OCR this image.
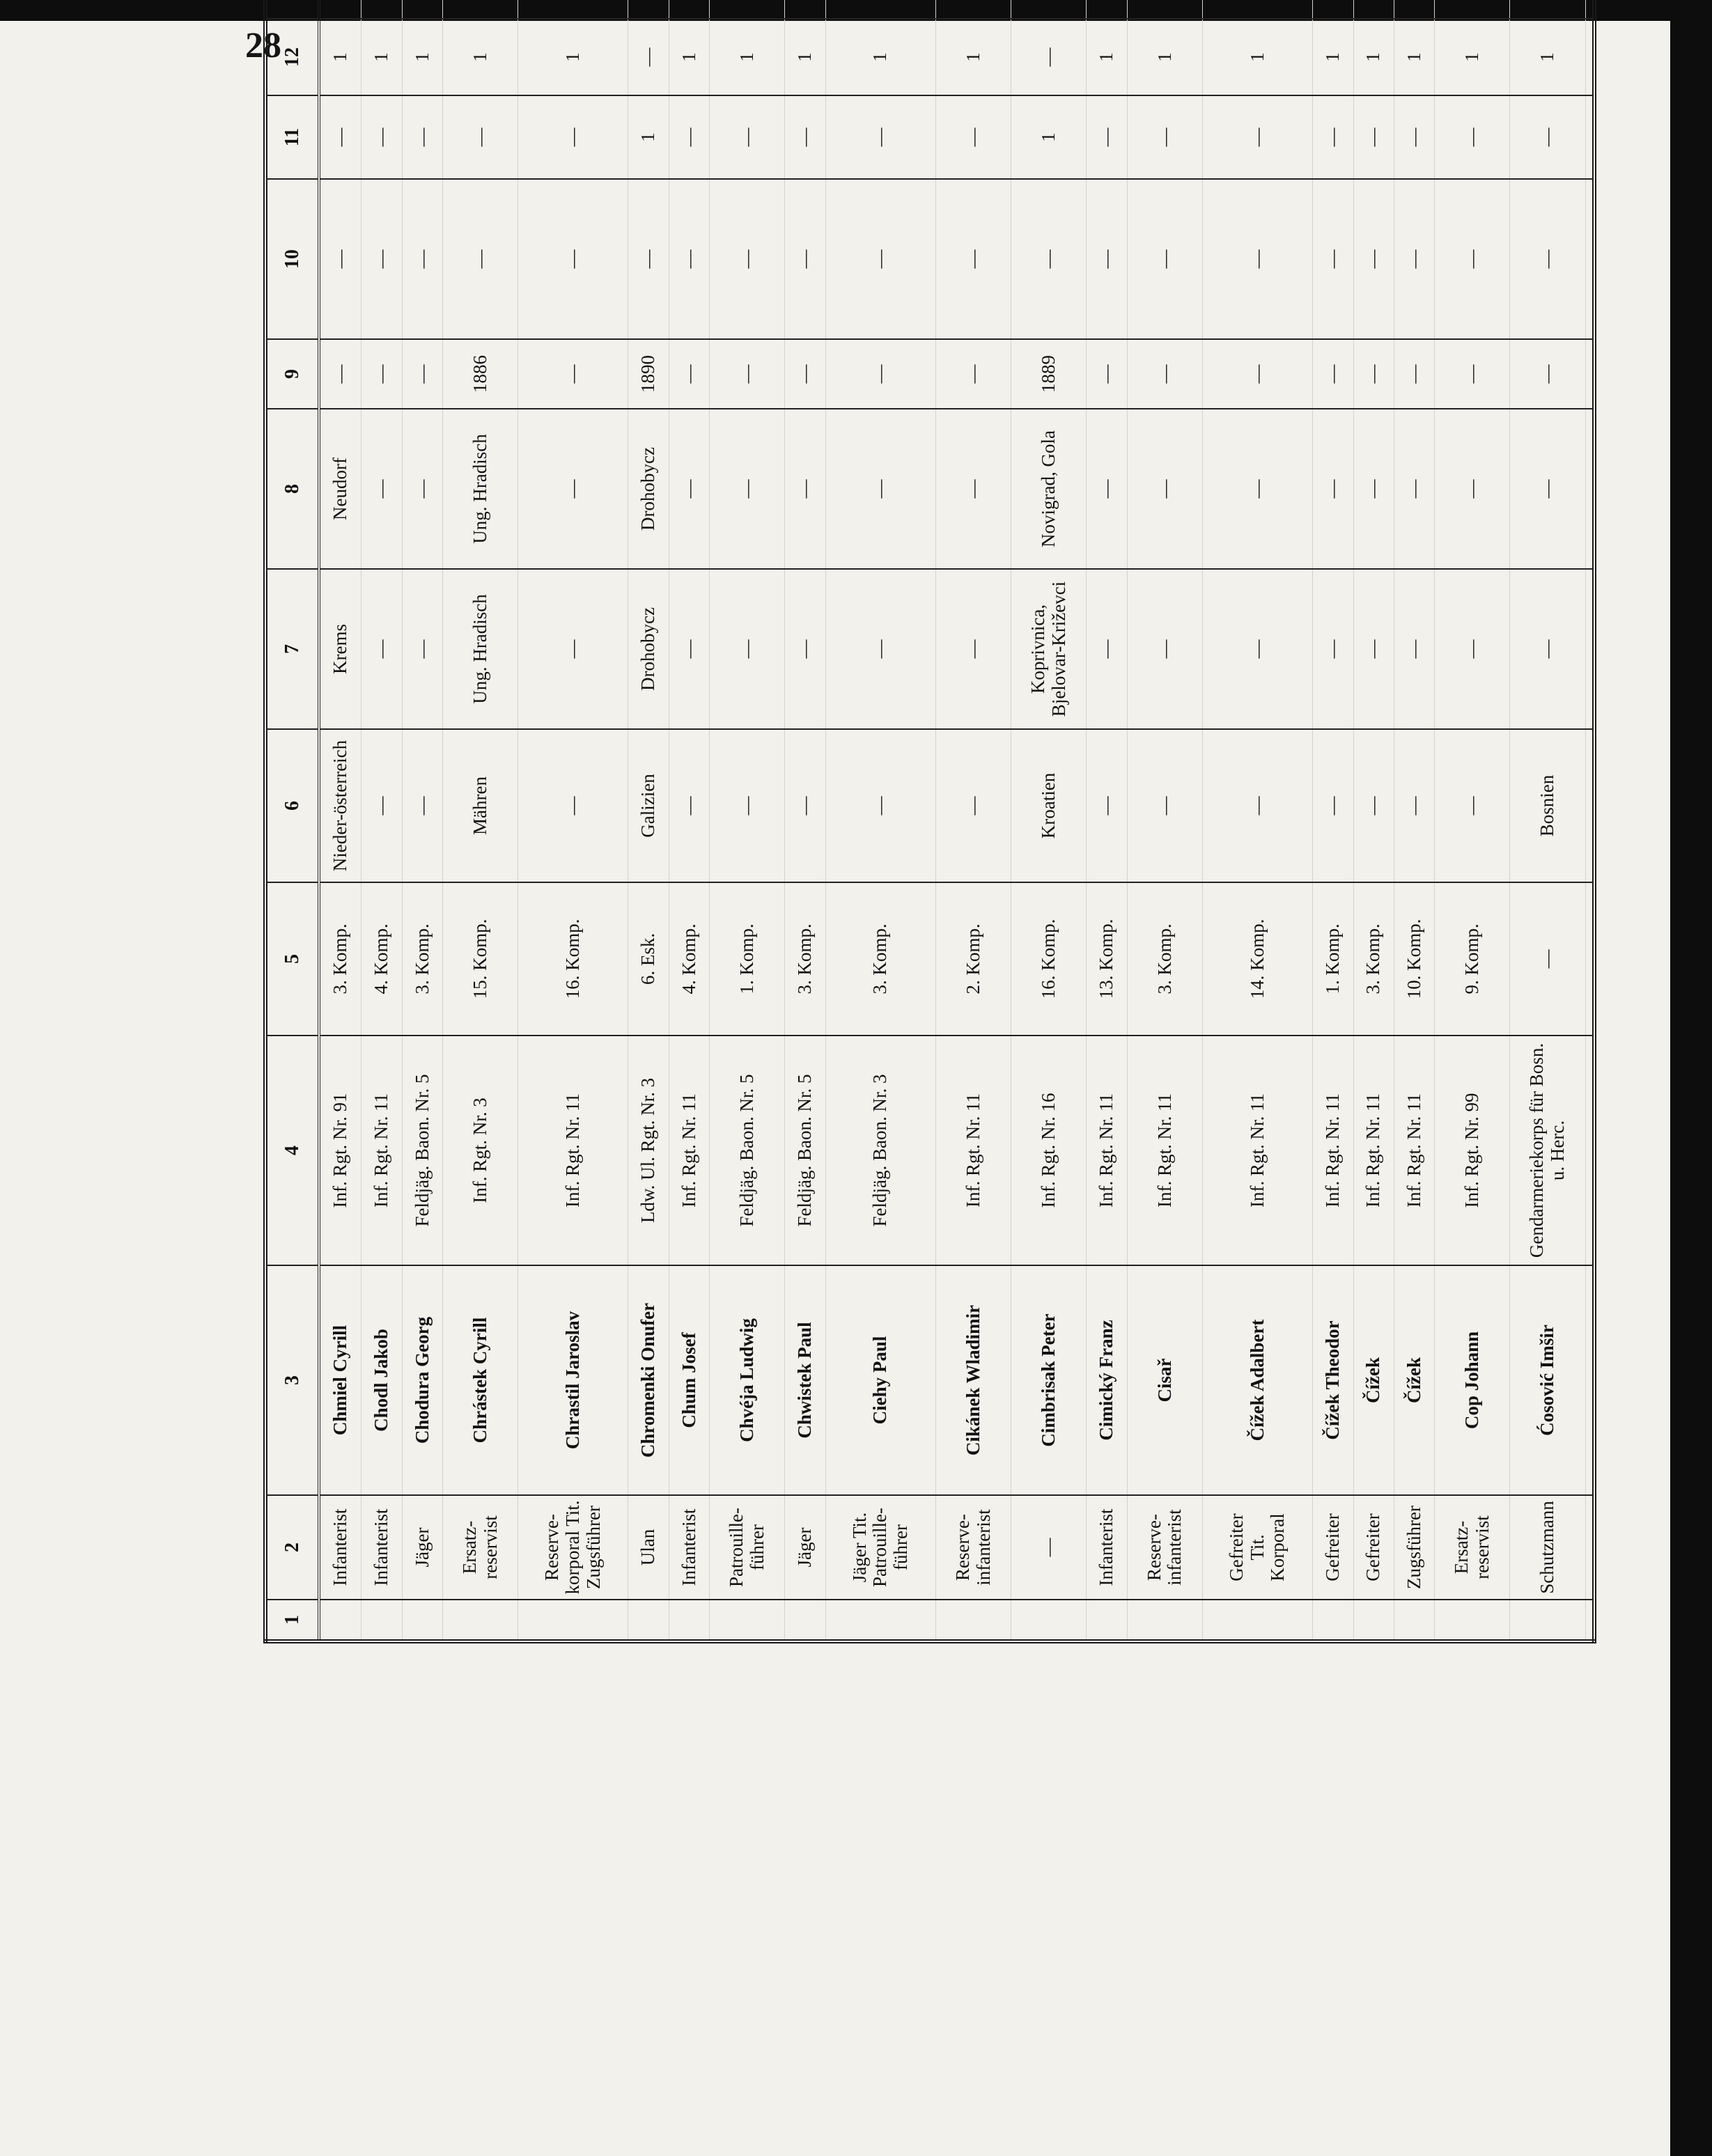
28
1	2	3	4	5	6	7	8	9	10	11	12		
	Infanterist	Chmiel Cyrill	Inf. Rgt. Nr. 91	3. Komp.	Nieder-österreich	Krems	Neudorf	—	—	—	1		
	Infanterist	Chodl Jakob	Inf. Rgt. Nr. 11	4. Komp.	—	—	—	—	—	—	1		
	Jäger	Chodura Georg	Feldjäg. Baon. Nr. 5	3. Komp.	—	—	—	—	—	—	1		
	Ersatz-reservist	Chrástek Cyrill	Inf. Rgt. Nr. 3	15. Komp.	Mähren	Ung. Hradisch	Ung. Hradisch	1886	—	—	1		
	Reserve-korporal Tit. Zugsführer	Chrastil Jaroslav	Inf. Rgt. Nr. 11	16. Komp.	—	—	—	—	—	—	1		
	Ulan	Chromenki Onufer	Ldw. Ul. Rgt. Nr. 3	6. Esk.	Galizien	Drohobycz	Drohobycz	1890	—	1	—		
	Infanterist	Chum Josef	Inf. Rgt. Nr. 11	4. Komp.	—	—	—	—	—	—	1		
	Patrouille-führer	Chvéja Ludwig	Feldjäg. Baon. Nr. 5	1. Komp.	—	—	—	—	—	—	1		
	Jäger	Chwistek Paul	Feldjäg. Baon. Nr. 5	3. Komp.	—	—	—	—	—	—	1		
	Jäger Tit. Patrouille-führer	Ciehy Paul	Feldjäg. Baon. Nr. 3	3. Komp.	—	—	—	—	—	—	1		
	Reserve-infanterist	Cikánek Wladimir	Inf. Rgt. Nr. 11	2. Komp.	—	—	—	—	—	—	1		
	—	Cimbrisak Peter	Inf. Rgt. Nr. 16	16. Komp.	Kroatien	Koprivnica, Bjelovar-Križevci	Novigrad, Gola	1889	—	1	—		
	Infanterist	Cimický Franz	Inf. Rgt. Nr. 11	13. Komp.	—	—	—	—	—	—	1		
	Reserve-infanterist	Cisař	Inf. Rgt. Nr. 11	3. Komp.	—	—	—	—	—	—	1		
	Gefreiter Tit. Korporal	Čížek Adalbert	Inf. Rgt. Nr. 11	14. Komp.	—	—	—	—	—	—	1		
	Gefreiter	Čížek Theodor	Inf. Rgt. Nr. 11	1. Komp.	—	—	—	—	—	—	1		
	Gefreiter	Čížek	Inf. Rgt. Nr. 11	3. Komp.	—	—	—	—	—	—	1		
	Zugsführer	Čížek	Inf. Rgt. Nr. 11	10. Komp.	—	—	—	—	—	—	1		
	Ersatz-reservist	Cop Johann	Inf. Rgt. Nr. 99	9. Komp.	—	—	—	—	—	—	1		
	Schutzmann	Ćosović Imšir	Gendarmeriekorps für Bosn. u. Herc.	—	Bosnien	—	—	—	—	—	1		
